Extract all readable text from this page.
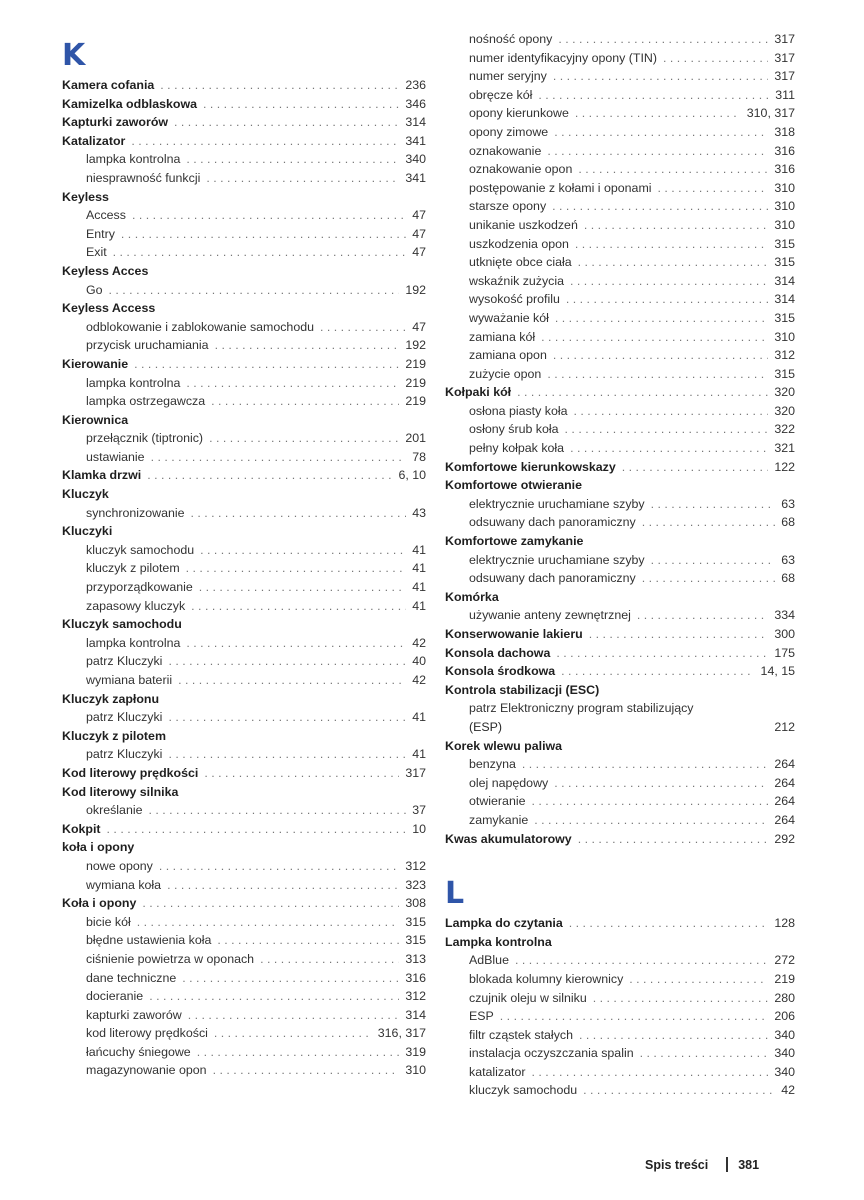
K
Kamera cofania . . .	236
Kamizelka odblaskowa . . .	346
Kapturki zaworów . . .	314
Katalizator . . .	341
lampka kontrolna . . .	340
niesprawność funkcji . . .	341
Keyless
Access . . .	47
Entry . . .	47
Exit . . .	47
Keyless Acces
Go . . .	192
Keyless Access
odblokowanie i zablokowanie samochodu . . .	47
przycisk uruchamiania . . .	192
Kierowanie . . .	219
lampka kontrolna . . .	219
lampka ostrzegawcza . . .	219
Kierownica
przełącznik (tiptronic) . . .	201
ustawianie . . .	78
Klamka drzwi . . .	6, 10
Kluczyk
synchronizowanie . . .	43
Kluczyki
kluczyk samochodu . . .	41
kluczyk z pilotem . . .	41
przyporządkowanie . . .	41
zapasowy kluczyk . . .	41
Kluczyk samochodu
lampka kontrolna . . .	42
patrz Kluczyki . . .	40
wymiana baterii . . .	42
Kluczyk zapłonu
patrz Kluczyki . . .	41
Kluczyk z pilotem
patrz Kluczyki . . .	41
Kod literowy prędkości . . .	317
Kod literowy silnika
określanie . . .	37
Kokpit . . .	10
koła i opony
nowe opony . . .	312
wymiana koła . . .	323
Koła i opony . . .	308
bicie kół . . .	315
błędne ustawienia koła . . .	315
ciśnienie powietrza w oponach . . .	313
dane techniczne . . .	316
docieranie . . .	312
kapturki zaworów . . .	314
kod literowy prędkości . . .	316, 317
łańcuchy śniegowe . . .	319
magazynowanie opon . . .	310
nośność opony . . .	317
numer identyfikacyjny opony (TIN) . . .	317
numer seryjny . . .	317
obręcze kół . . .	311
opony kierunkowe . . .	310, 317
opony zimowe . . .	318
oznakowanie . . .	316
oznakowanie opon . . .	316
postępowanie z kołami i oponami . . .	310
starsze opony . . .	310
unikanie uszkodzeń . . .	310
uszkodzenia opon . . .	315
utknięte obce ciała . . .	315
wskaźnik zużycia . . .	314
wysokość profilu . . .	314
wyważanie kół . . .	315
zamiana kół . . .	310
zamiana opon . . .	312
zużycie opon . . .	315
Kołpaki kół . . .	320
osłona piasty koła . . .	320
osłony śrub koła . . .	322
pełny kołpak koła . . .	321
Komfortowe kierunkowskazy . . .	122
Komfortowe otwieranie
elektrycznie uruchamiane szyby . . .	63
odsuwany dach panoramiczny . . .	68
Komfortowe zamykanie
elektrycznie uruchamiane szyby . . .	63
odsuwany dach panoramiczny . . .	68
Komórka
używanie anteny zewnętrznej . . .	334
Konserwowanie lakieru . . .	300
Konsola dachowa . . .	175
Konsola środkowa . . .	14, 15
Kontrola stabilizacji (ESC)
patrz Elektroniczny program stabilizujący
(ESP)	212
Korek wlewu paliwa
benzyna . . .	264
olej napędowy . . .	264
otwieranie . . .	264
zamykanie . . .	264
Kwas akumulatorowy . . .	292
L
Lampka do czytania . . .	128
Lampka kontrolna
AdBlue . . .	272
blokada kolumny kierownicy . . .	219
czujnik oleju w silniku . . .	280
ESP . . .	206
filtr cząstek stałych . . .	340
instalacja oczyszczania spalin . . .	340
katalizator . . .	340
kluczyk samochodu . . .	42
Spis treści 381
